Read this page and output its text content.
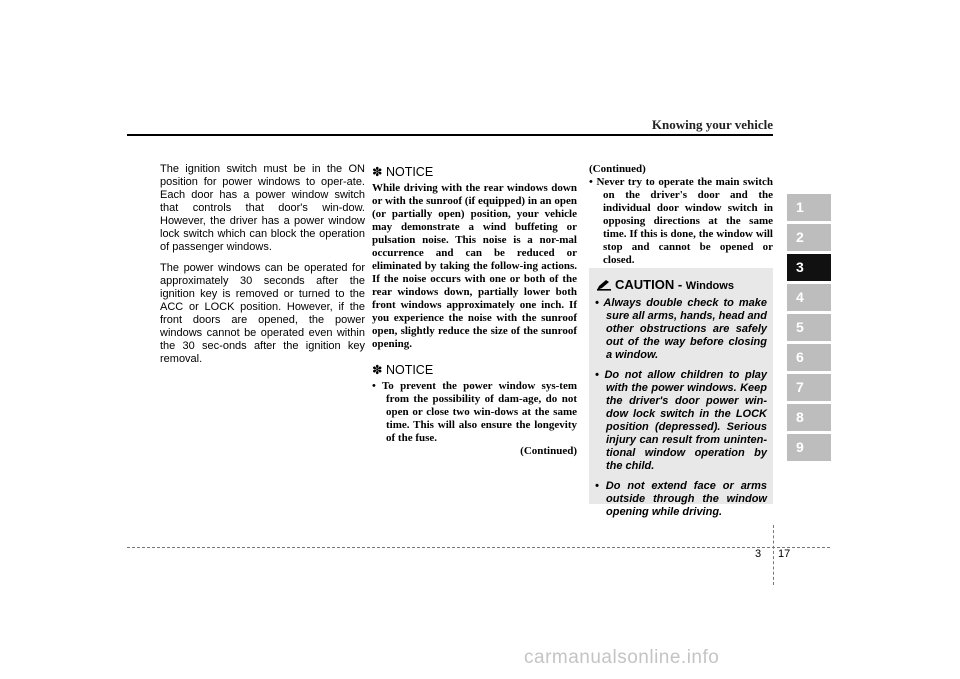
Knowing your vehicle

The ignition switch must be in the ON position for power windows to oper-ate. Each door has a power window switch that controls that door's win-dow. However, the driver has a power window lock switch which can block the operation of passenger windows.

The power windows can be operated for approximately 30 seconds after the ignition key is removed or turned to the ACC or LOCK position. However, if the front doors are opened, the power windows cannot be operated even within the 30 sec-onds after the ignition key removal.

✽ NOTICE

While driving with the rear windows down or with the sunroof (if equipped) in an open (or partially open) position, your vehicle may demonstrate a wind buffeting or pulsation noise. This noise is a nor-mal occurrence and can be reduced or eliminated by taking the follow-ing actions. If the noise occurs with one or both of the rear windows down, partially lower both front windows approximately one inch. If you experience the noise with the sunroof open, slightly reduce the size of the sunroof opening.

✽ NOTICE
• To prevent the power window sys-tem from the possibility of dam-age, do not open or close two win-dows at the same time. This will also ensure the longevity of the fuse.
(Continued)
(Continued)
• Never try to operate the main switch on the driver's door and the individual door window switch in opposing directions at the same time. If this is done, the window will stop and cannot be opened or closed.
CAUTION - Windows
• Always double check to make sure all arms, hands, head and other obstructions are safely out of the way before closing a window.
• Do not allow children to play with the power windows. Keep the driver's door power win-dow lock switch in the LOCK position (depressed). Serious injury can result from uninten-tional window operation by the child.
• Do not extend face or arms outside through the window opening while driving.
1
2
3
4
5
6
7
8
9
3 17
carmanualsonline.info
